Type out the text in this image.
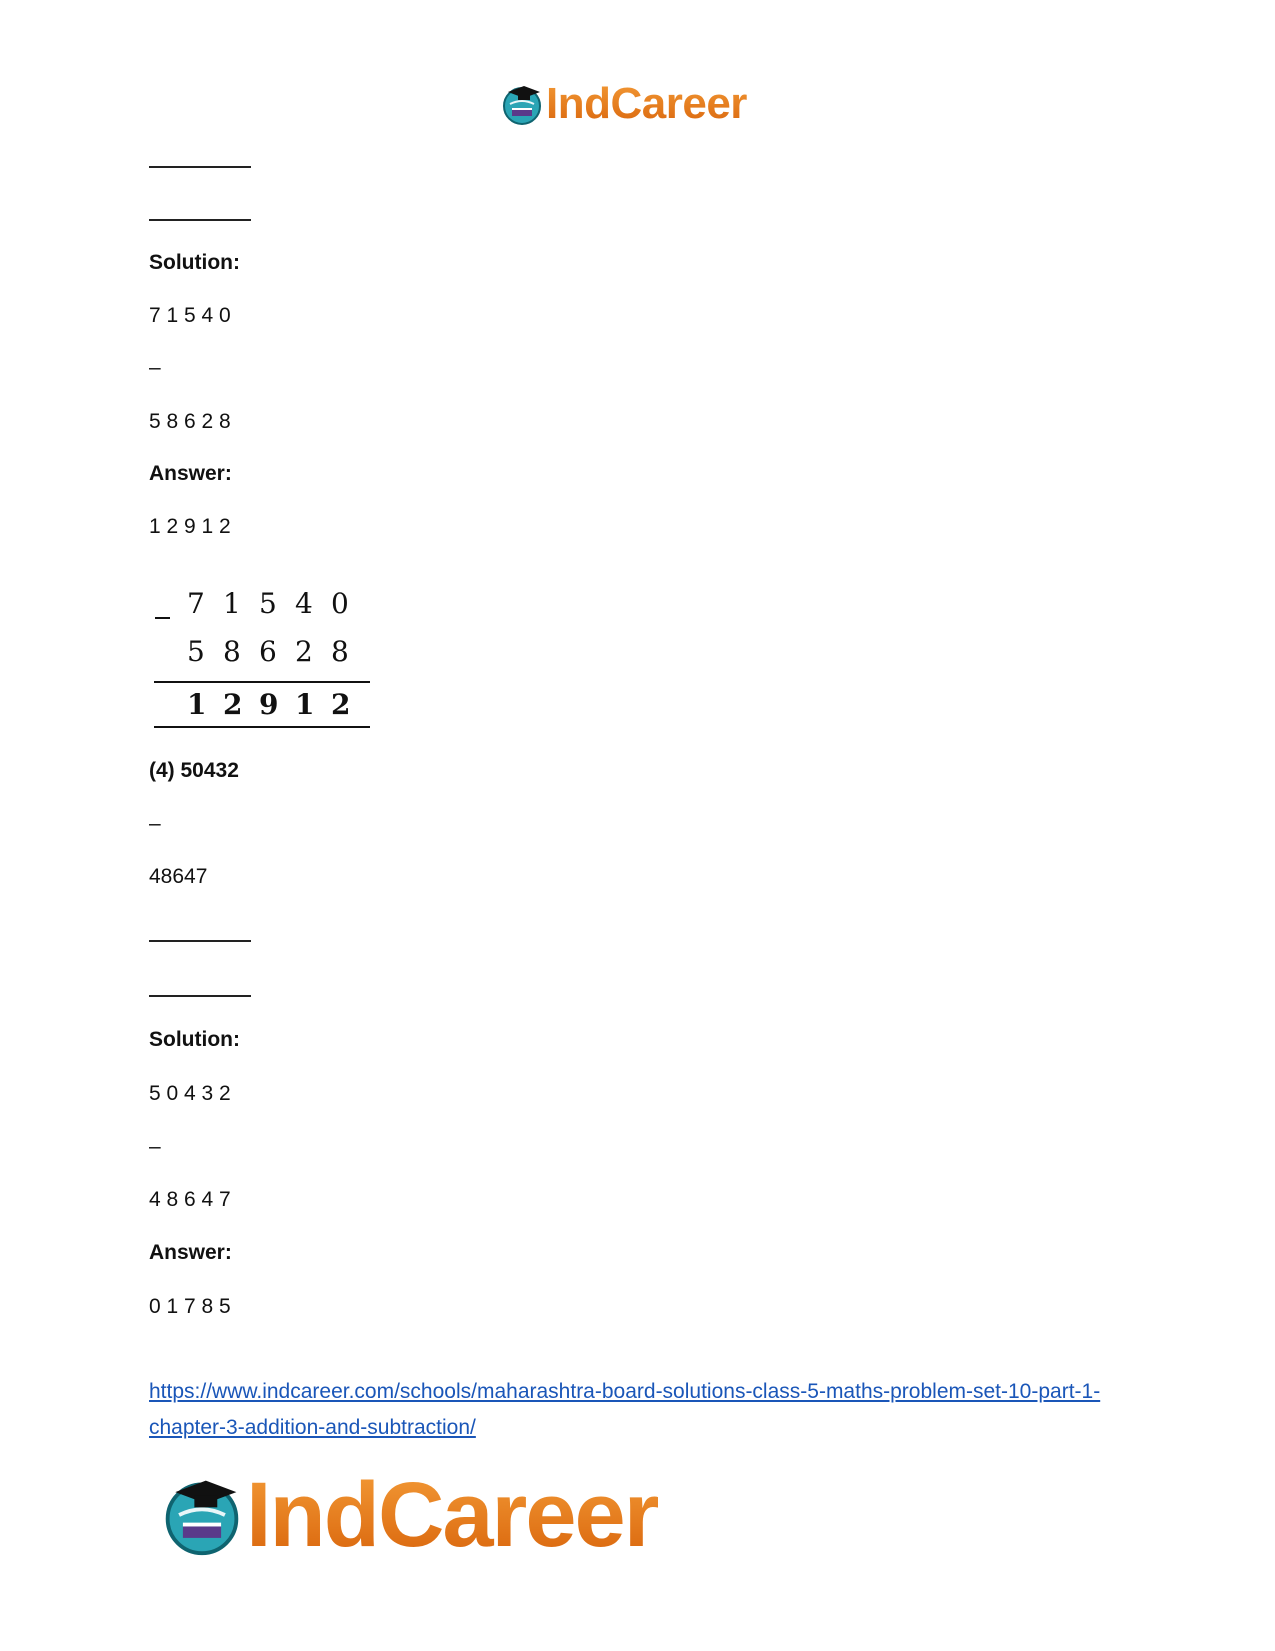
IndCareer
Solution:
7 1 5 4 0
–
5 8 6 2 8
Answer:
1 2 9 1 2
7 1 5 4 0
5 8 6 2 8
1 2 9 1 2
(4) 50432
–
48647
Solution:
5 0 4 3 2
–
4 8 6 4 7
Answer:
0 1 7 8 5
https://www.indcareer.com/schools/maharashtra-board-solutions-class-5-maths-problem-set-10-part-1-chapter-3-addition-and-subtraction/
IndCareer
